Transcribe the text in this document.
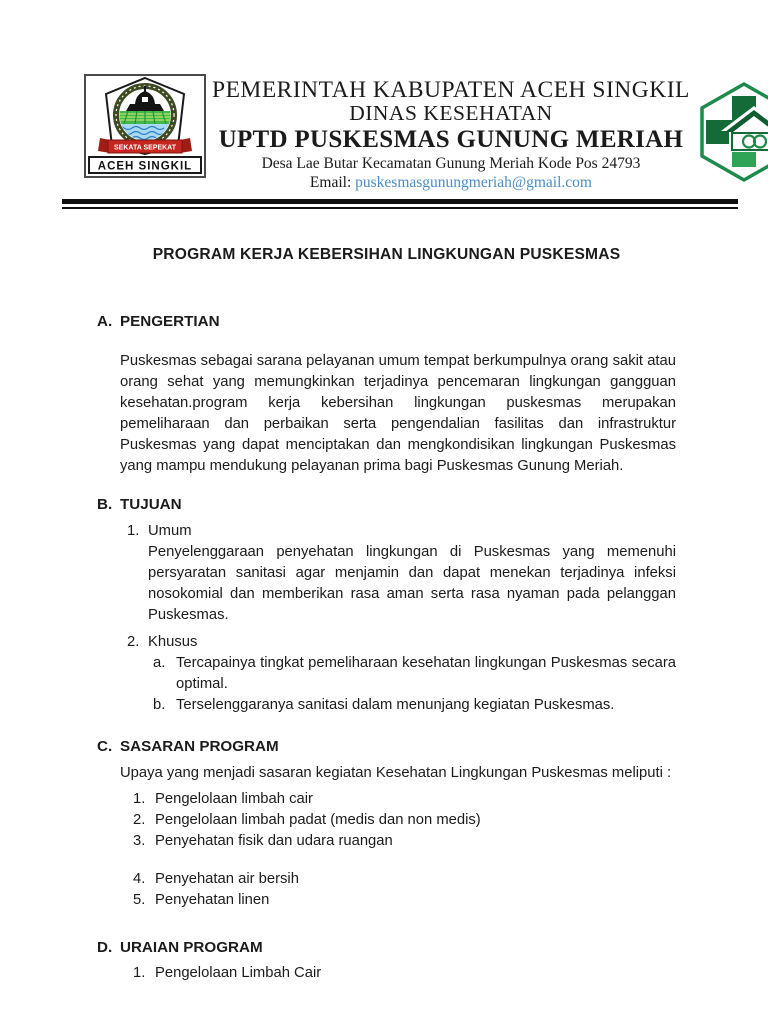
SEKATA SEPEKAT
ACEH SINGKIL
PEMERINTAH KABUPATEN ACEH SINGKIL
DINAS KESEHATAN
UPTD PUSKESMAS GUNUNG MERIAH
Desa Lae Butar Kecamatan Gunung Meriah Kode Pos 24793
Email: puskesmasgunungmeriah@gmail.com
PROGRAM KERJA KEBERSIHAN LINGKUNGAN PUSKESMAS
A. PENGERTIAN
Puskesmas sebagai sarana pelayanan umum tempat berkumpulnya orang sakit atau orang sehat yang memungkinkan terjadinya pencemaran lingkungan gangguan kesehatan.program kerja kebersihan lingkungan puskesmas merupakan pemeliharaan dan perbaikan serta pengendalian fasilitas dan infrastruktur Puskesmas yang dapat menciptakan dan mengkondisikan lingkungan Puskesmas yang mampu mendukung pelayanan prima bagi Puskesmas Gunung Meriah.
B. TUJUAN
1. Umum
Penyelenggaraan penyehatan lingkungan di Puskesmas yang memenuhi persyaratan sanitasi agar menjamin dan dapat menekan terjadinya infeksi nosokomial dan memberikan rasa aman serta rasa nyaman pada pelanggan Puskesmas.
2. Khusus
a. Tercapainya tingkat pemeliharaan kesehatan lingkungan Puskesmas secara optimal.
b. Terselenggaranya sanitasi dalam menunjang kegiatan Puskesmas.
C. SASARAN PROGRAM
Upaya yang menjadi sasaran kegiatan Kesehatan Lingkungan Puskesmas meliputi :
1. Pengelolaan limbah cair
2. Pengelolaan limbah padat (medis dan non medis)
3. Penyehatan fisik dan udara ruangan
4. Penyehatan air bersih
5. Penyehatan linen
D. URAIAN PROGRAM
1. Pengelolaan Limbah Cair
